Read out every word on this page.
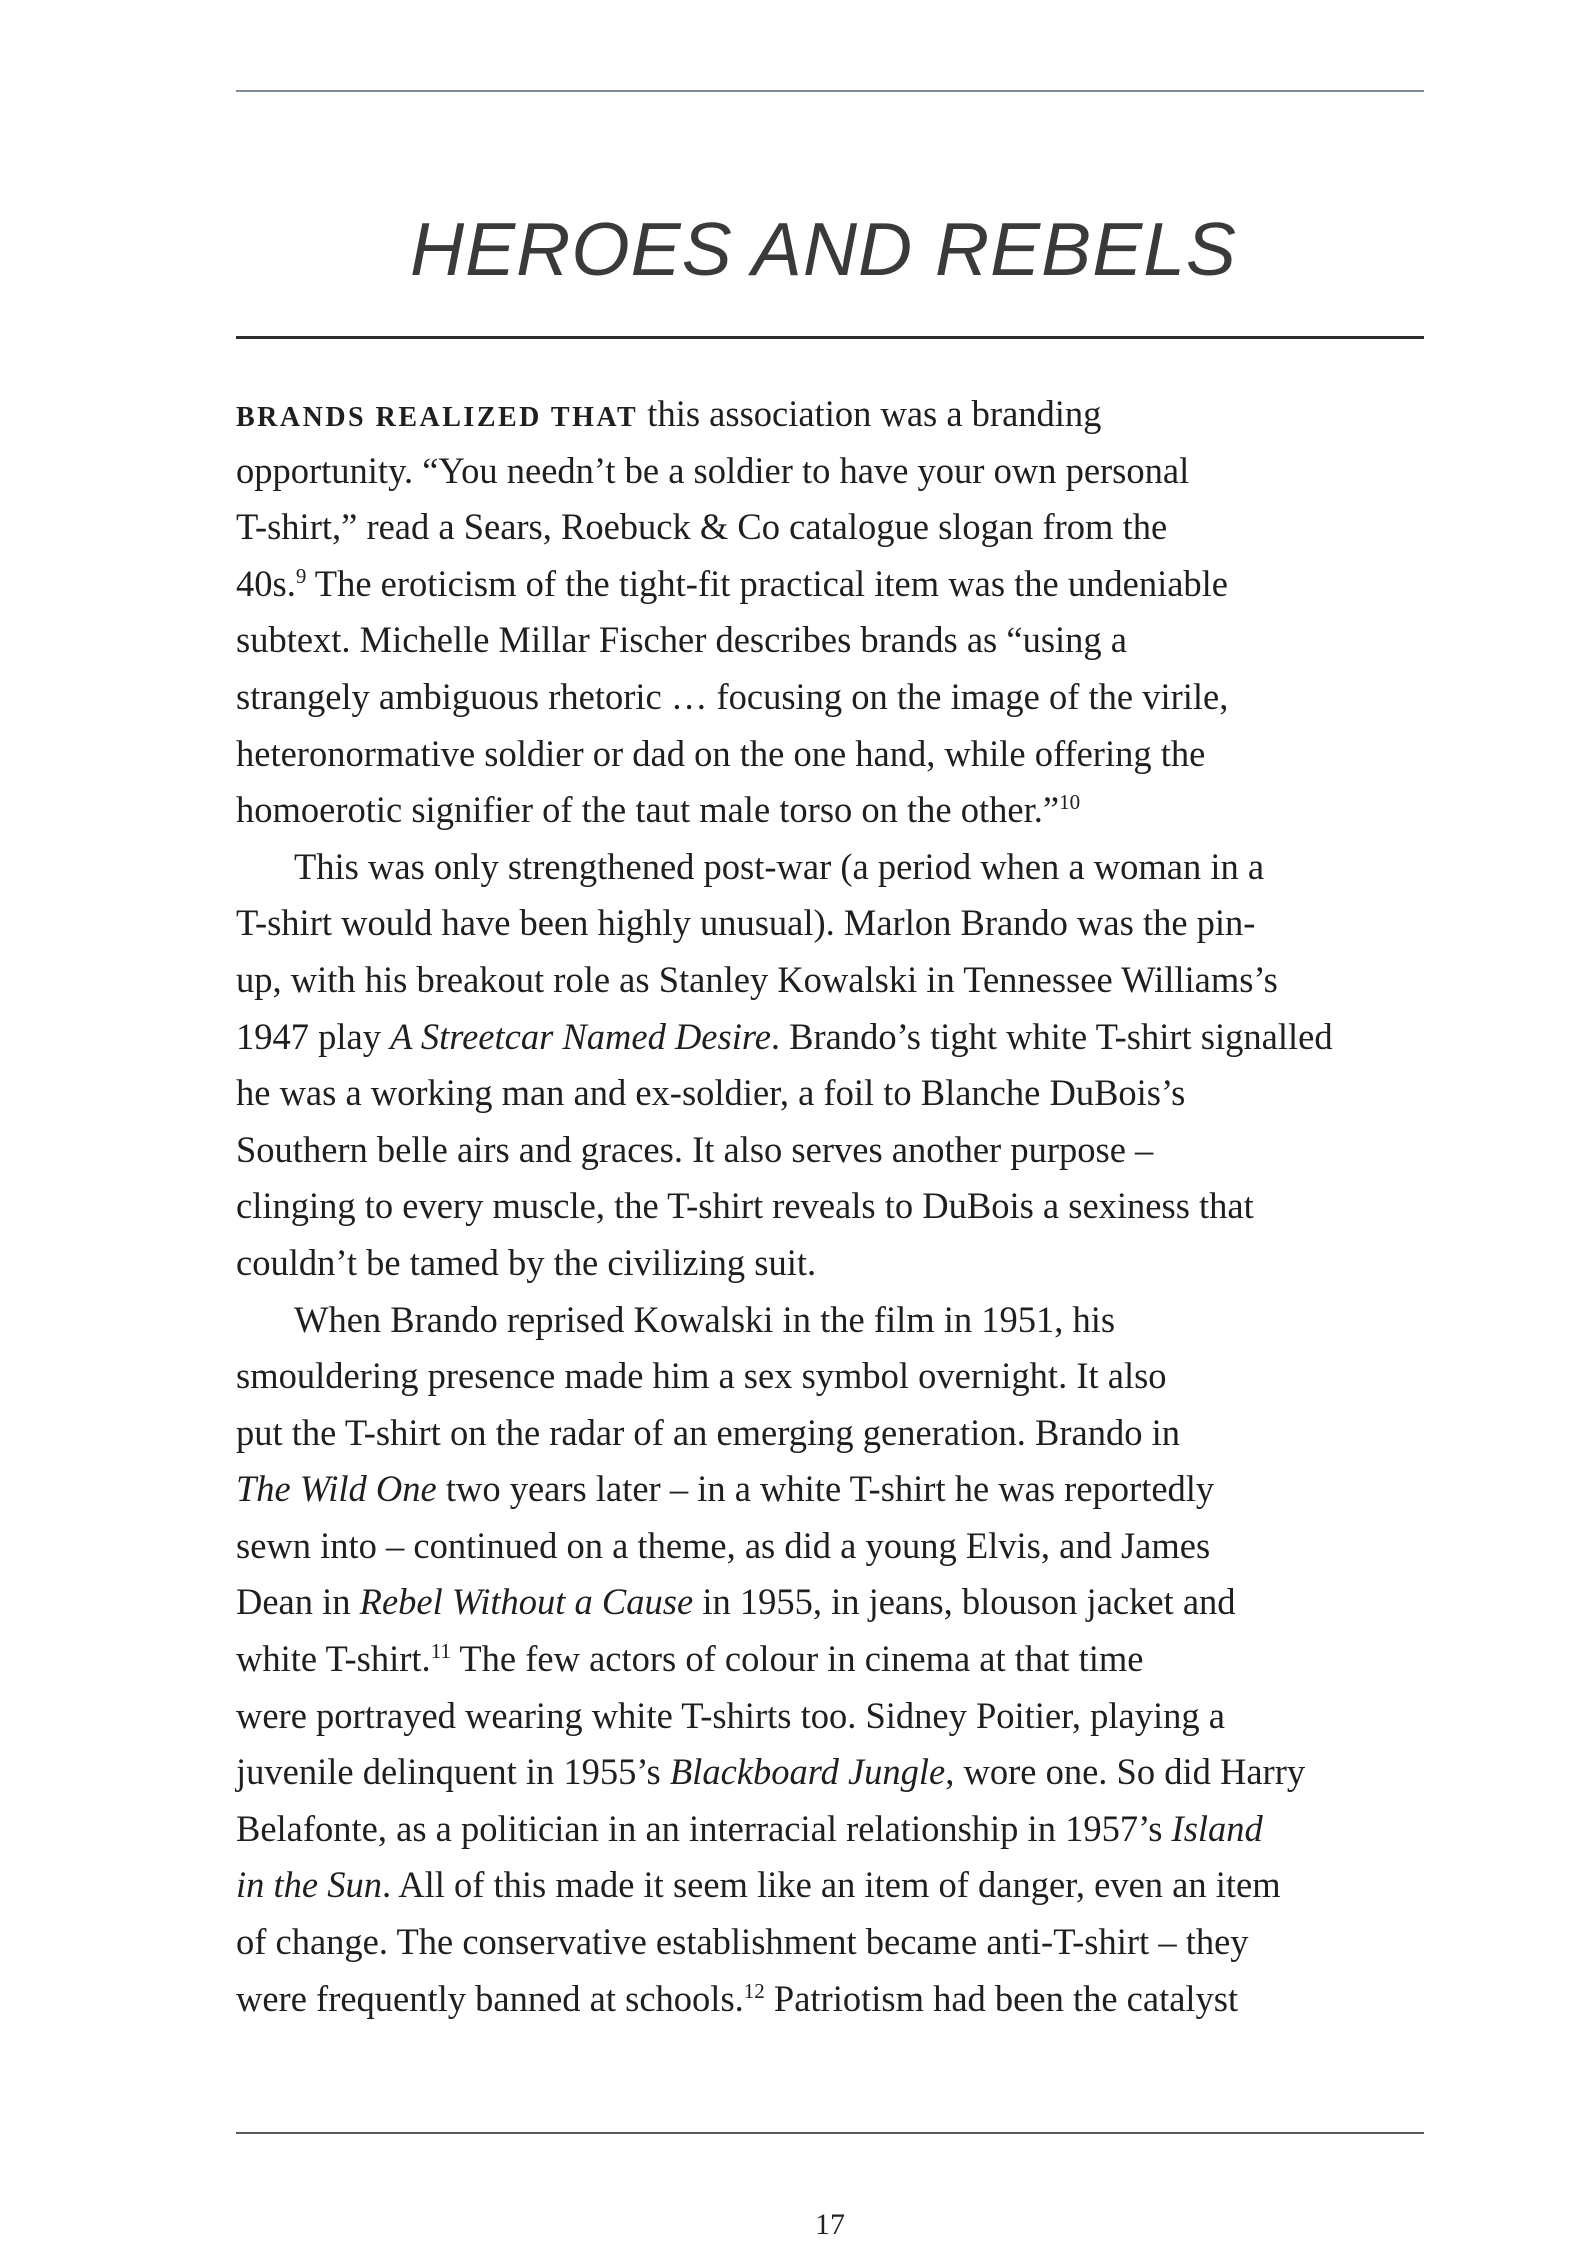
HEROES AND REBELS
BRANDS REALIZED THAT this association was a branding
opportunity. “You needn’t be a soldier to have your own personal
T-shirt,” read a Sears, Roebuck & Co catalogue slogan from the
40s.$^9$ The eroticism of the tight-fit practical item was the undeniable
subtext. Michelle Millar Fischer describes brands as “using a
strangely ambiguous rhetoric … focusing on the image of the virile,
heteronormative soldier or dad on the one hand, while offering the
homoerotic signifier of the taut male torso on the other.”$^{10}$
This was only strengthened post-war (a period when a woman in a
T-shirt would have been highly unusual). Marlon Brando was the pin-
up, with his breakout role as Stanley Kowalski in Tennessee Williams’s
1947 play A Streetcar Named Desire. Brando’s tight white T-shirt signalled
he was a working man and ex-soldier, a foil to Blanche DuBois’s
Southern belle airs and graces. It also serves another purpose –
clinging to every muscle, the T-shirt reveals to DuBois a sexiness that
couldn’t be tamed by the civilizing suit.
When Brando reprised Kowalski in the film in 1951, his
smouldering presence made him a sex symbol overnight. It also
put the T-shirt on the radar of an emerging generation. Brando in
The Wild One two years later – in a white T-shirt he was reportedly
sewn into – continued on a theme, as did a young Elvis, and James
Dean in Rebel Without a Cause in 1955, in jeans, blouson jacket and
white T-shirt.$^{11}$ The few actors of colour in cinema at that time
were portrayed wearing white T-shirts too. Sidney Poitier, playing a
juvenile delinquent in 1955’s Blackboard Jungle, wore one. So did Harry
Belafonte, as a politician in an interracial relationship in 1957’s Island
in the Sun. All of this made it seem like an item of danger, even an item
of change. The conservative establishment became anti-T-shirt – they
were frequently banned at schools.$^{12}$ Patriotism had been the catalyst
17
